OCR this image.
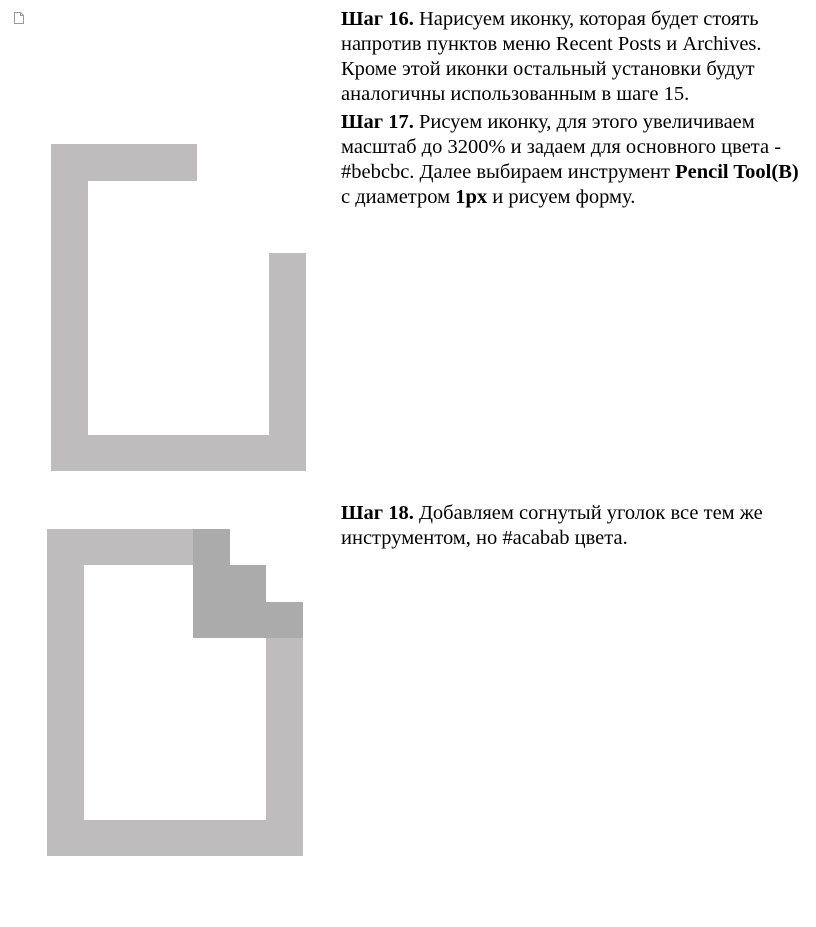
Шаг 16. Нарисуем иконку, которая будет стоять напротив пунктов меню Recent Posts и Archives. Кроме этой иконки остальный установки будут аналогичны использованным в шаге 15.

Шаг 17. Рисуем иконку, для этого увеличиваем масштаб до 3200% и задаем для основного цвета - #bebcbc. Далее выбираем инструмент Pencil Tool(B) с диаметром 1px и рисуем форму.

Шаг 18. Добавляем согнутый уголок все тем же инструментом, но #acabab цвета.
